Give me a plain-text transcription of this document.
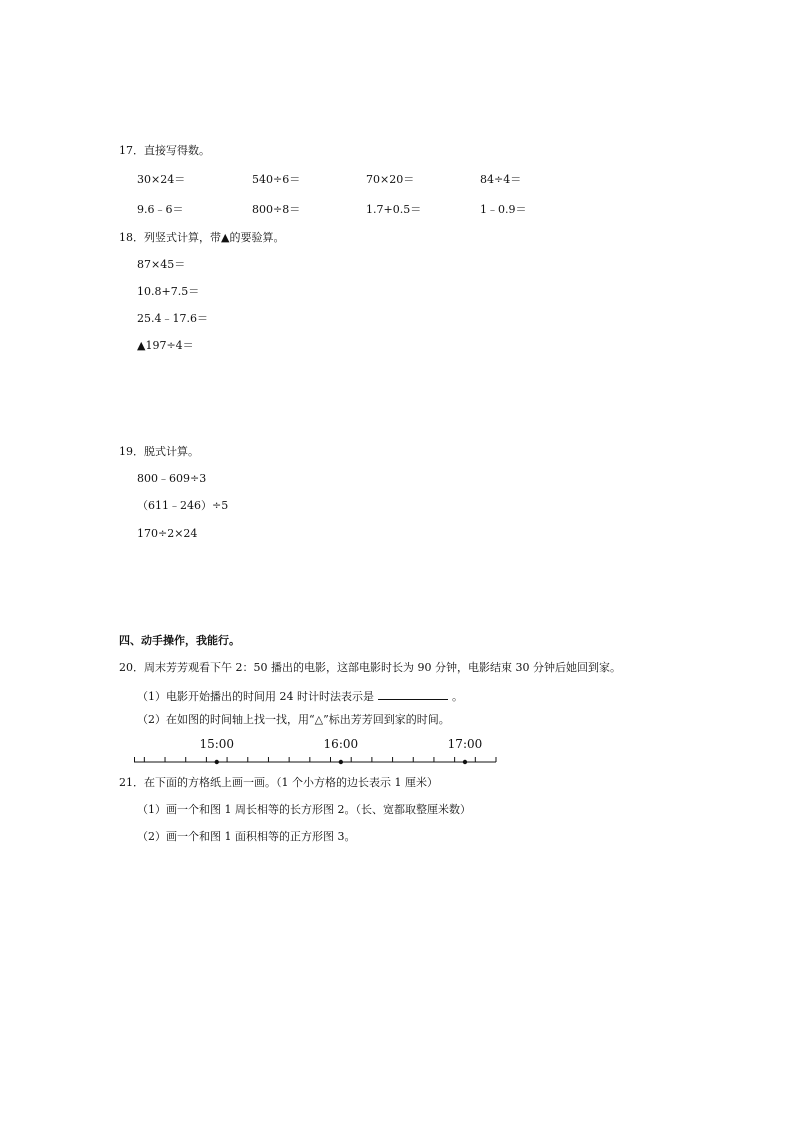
17．直接写得数。
30×24＝	540÷6＝	70×20＝	84÷4＝
9.6﹣6＝	800÷8＝	1.7+0.5＝	1﹣0.9＝
18．列竖式计算，带▲的要验算。
87×45＝
10.8+7.5＝
25.4﹣17.6＝
▲197÷4＝
19．脱式计算。
800﹣609÷3
（611﹣246）÷5
170÷2×24
四、动手操作，我能行。
20．周末芳芳观看下午 2：50 播出的电影，这部电影时长为 90 分钟，电影结束 30 分钟后她回到家。
（1）电影开始播出的时间用 24 时计时法表示是	。
（2）在如图的时间轴上找一找，用“△”标出芳芳回到家的时间。
15:00	16:00	17:00
21．在下面的方格纸上画一画。（1 个小方格的边长表示 1 厘米）
（1）画一个和图 1 周长相等的长方形图 2。（长、宽都取整厘米数）
（2）画一个和图 1 面积相等的正方形图 3。
